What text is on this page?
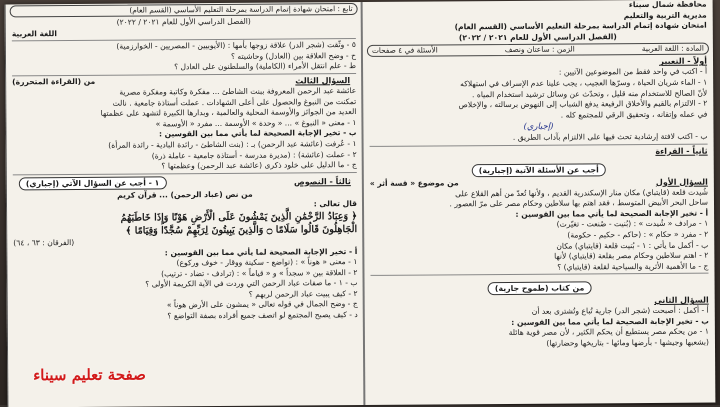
تابع : امتحان شهادة إتمام الدراسة بمرحلة التعليم الأساسي (القسم العام)
(الفصل الدراسي الأول للعام ٢٠٢١ / ٢٠٢٢)
اللغة العربية
٥ - وثّقت (شجر الدر) علاقة زوجها بأمها : (الأيوبيين - المصريين - الخوارزمية)
ح - وضح العلاقة بين (العادل) وحاشيته ؟
ط - علم انتقل الأمراء (الكاملية) والسلطنون على العادل ؟
السؤال الثالث
من (القراءة المتحررة)
عائشة عبد الرحمن المعروفة ببنت الشاطئ ... مفكرة وكاتبة ومفكرة مصرية
تمكنت من النبوغ والحصول على أعلى الشهادات . عملت أستاذة جامعية . نالت
العديد من الجوائز والأوسمة المحلية والعالمية ، وبدارها الكبيرة لتشهد على عظمتها
١ - معنى « النبوغ » ... « وحدة » الأوسمة ... مفرد « الأوسمة »
ب - تخير الإجابة الصحيحة لما يأتي مما بين القوسين :
١ - عُرفت (عائشة عبد الرحمن) بـ : (بنت الشاطئ - رائدة البادية - رائدة المرأة)
٢ - عملت (عائشة) : (مديرة مدرسة - أستاذة جامعية - عاملة ذرة)
ج - ما الدليل على خلود ذكرى (عائشة عبد الرحمن) وعظمتها ؟
ثالثاً - النصوص
١ - أجب عن السؤال الآتي (إجباري)
من نص (عباد الرحمن) ... قرآن كريم
قال تعالى :
﴿ وَعِبَادُ الرَّحْمَٰنِ الَّذِينَ يَمْشُونَ عَلَى الْأَرْضِ هَوْنًا وَإِذَا خَاطَبَهُمُ
الْجَاهِلُونَ قَالُوا سَلَامًا ۝ وَالَّذِينَ يَبِيتُونَ لِرَبِّهِمْ سُجَّدًا وَقِيَامًا ﴾
(الفرقان : ٦٣ ، ٦٤)
أ - تخير الإجابة الصحيحة لما يأتي مما بين القوسين :
١ - معنى « هوناً » : (تواضع - سكينة ووقار - خوف وركوع)
٢ - العلاقة بين « سجداً » و « قياماً » : (ترادف - تضاد - ترتيب)
ب - ١ - ما صفات عباد الرحمن التي وردت في الآية الكريمة الأولى ؟
٢ - كيف يبيت عباد الرحمن لربهم ؟
ج - وضح الجمال في قوله تعالى « يمشون على الأرض هوناً »
د - كيف يصبح المجتمع لو اتصف جميع أفراده بصفة التواضع ؟
محافظة شمال سيناء
مديرية التربية والتعليم
امتحان شهادة إتمام الدراسة بمرحلة التعليم الأساسي (القسم العام)
(الفصل الدراسي الأول للعام ٢٠٢١ / ٢٠٢٢)
المادة : اللغة العربية
الزمن : ساعتان ونصف
الأسئلة في ٤ صفحات
أولاً - التعبير
أ - اكتب في واحد فقط من الموضوعين الآتيين :
١ - الماء شريان الحياة ، وسرّها العجيب ، يجب علينا عدم الإسراف في استهلاكه
لأنّ الصالح للاستخدام منه قليل ، وتحدّث عن وسائل ترشيد استخدام المياه .
٢ - الالتزام بالقيم والأخلاق الرفيعة يدفع الشباب إلى النهوض برسالته ، والإخلاص
في عمله وإتقانه ، وتحقيق الرقي للمجتمع كله .
(إجباري)
ب - اكتب لافتة إرشادية تحث فيها على الالتزام بآداب الطريق .
ثانياً - القراءة
أجب عن الأسئلة الآتية (إجبارية)
السؤال الأول
من موضوع « قسة أثر »
شُيدت قلعة (قايتباي) مكان منار الإسكندرية القديم ، ولأنها تُعدّ من أهم القلاع على
ساحل البحر الأبيض المتوسط ، فقد اهتم بها سلاطين وحكام مصر على مرّ العصور .
أ - تخير الإجابة الصحيحة لما يأتي مما بين القوسين :
١ - مرادف « شُيدت » : (بُنيت - صُنعت - تغيّرت)
٢ - مفرد « حكام » : (حاكم - حكيم - حكومة)
ب - أكمل ما يأتي : ١ - بُنيت قلعة (قايتباي) مكان
٢ - اهتم سلاطين وحكام مصر بقلعة (قايتباي) لأنها
ج - ما الأهمية الأثرية والسياحية لقلعة (قايتباي) ؟
من كتاب (طموح جارية)
السؤال الثاني
أ - أكمل : أصبحت (شجر الدر) جارية تُباع وتُشترى بعد أن
ب - تخير الإجابة الصحيحة لما يأتي مما بين القوسين :
١ - من يحكم مصر يستطيع أن يحكم الكثير ، لأن مصر قوية هائلة
(بشعبها وجيشها - بأرضها ومائها - بتاريخها وحضارتها)
صفحة تعليم سيناء
